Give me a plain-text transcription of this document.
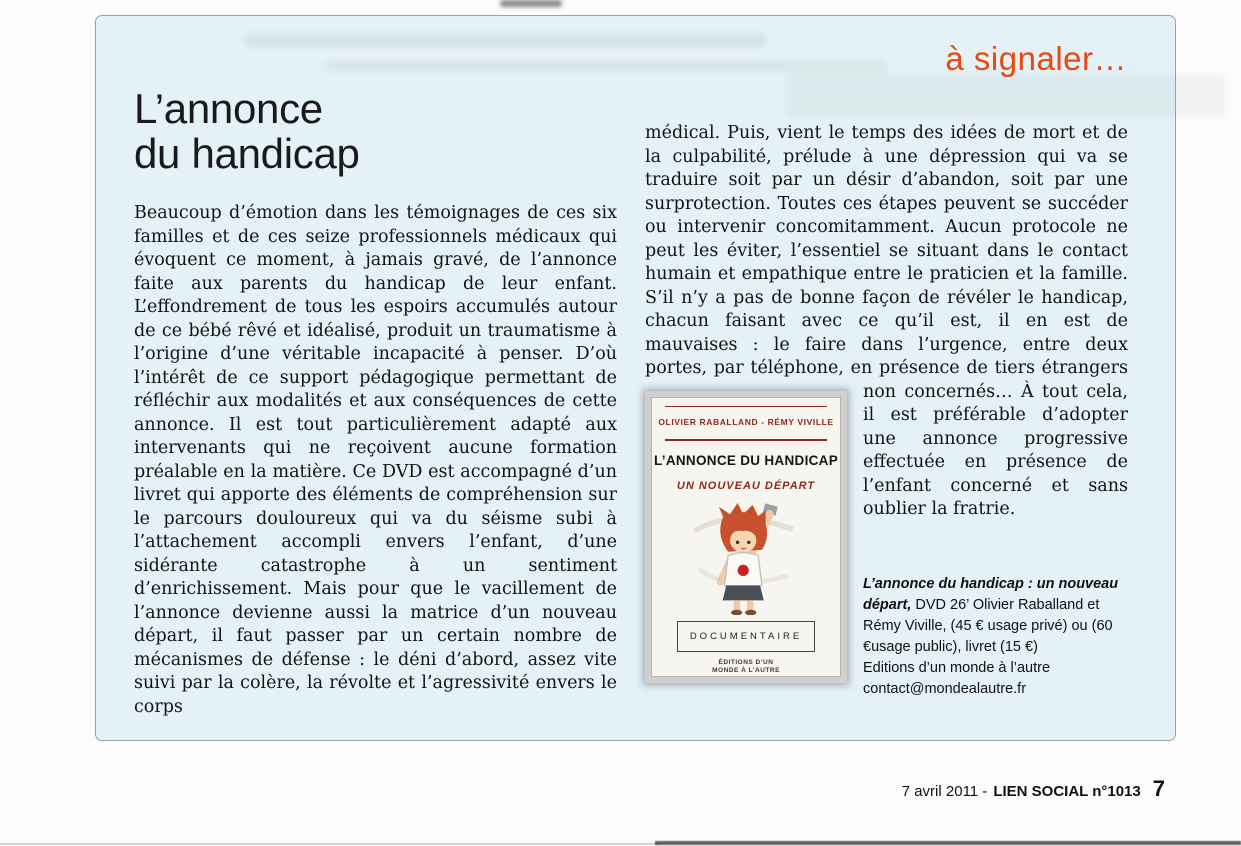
à signaler…
L’annonce
du handicap

Beaucoup d’émotion dans les témoignages de ces six familles et de ces seize professionnels médicaux qui évoquent ce moment, à jamais gravé, de l’annonce faite aux parents du handicap de leur enfant. L’effondrement de tous les espoirs accumulés autour de ce bébé rêvé et idéalisé, produit un traumatisme à l’origine d’une véritable incapacité à penser. D’où l’intérêt de ce support pédagogique permettant de réfléchir aux modalités et aux conséquences de cette annonce. Il est tout particulièrement adapté aux intervenants qui ne reçoivent aucune formation préalable en la matière. Ce DVD est accompagné d’un livret qui apporte des éléments de compréhension sur le parcours douloureux qui va du séisme subi à l’attachement accompli envers l’enfant, d’une sidérante catastrophe à un sentiment d’enrichissement. Mais pour que le vacillement de l’annonce devienne aussi la matrice d’un nouveau départ, il faut passer par un certain nombre de mécanismes de défense : le déni d’abord, assez vite suivi par la colère, la révolte et l’agressivité envers le corps

médical. Puis, vient le temps des idées de mort et de la culpabilité, prélude à une dépression qui va se traduire soit par un désir d’abandon, soit par une surprotection. Toutes ces étapes peuvent se succéder ou intervenir concomitamment. Aucun protocole ne peut les éviter, l’essentiel se situant dans le contact humain et empathique entre le praticien et la famille. S’il n’y a pas de bonne façon de révéler le handicap, chacun faisant avec ce qu’il est, il en est de mauvaises : le faire dans l’urgence, entre deux portes, par téléphone, en présence de tiers étrangers non concernés… À tout
OLIVIER RABALLAND - RÉMY VIVILLE
L’ANNONCE DU HANDICAP
UN NOUVEAU DÉPART
DOCUMENTAIRE
ÉDITIONS D’UN MONDE À L’AUTRE
cela, il est préférable d’adopter une annonce progressive effectuée en présence de l’enfant concerné et sans oublier la fratrie.

L’annonce du handicap : un nouveau départ, DVD 26’ Olivier Raballand et Rémy Viville, (45 € usage privé) ou (60 €usage public), livret (15 €)

Editions d’un monde à l’autre

contact@mondealautre.fr

7 avril 2011 - LIEN SOCIAL n°1013 7
